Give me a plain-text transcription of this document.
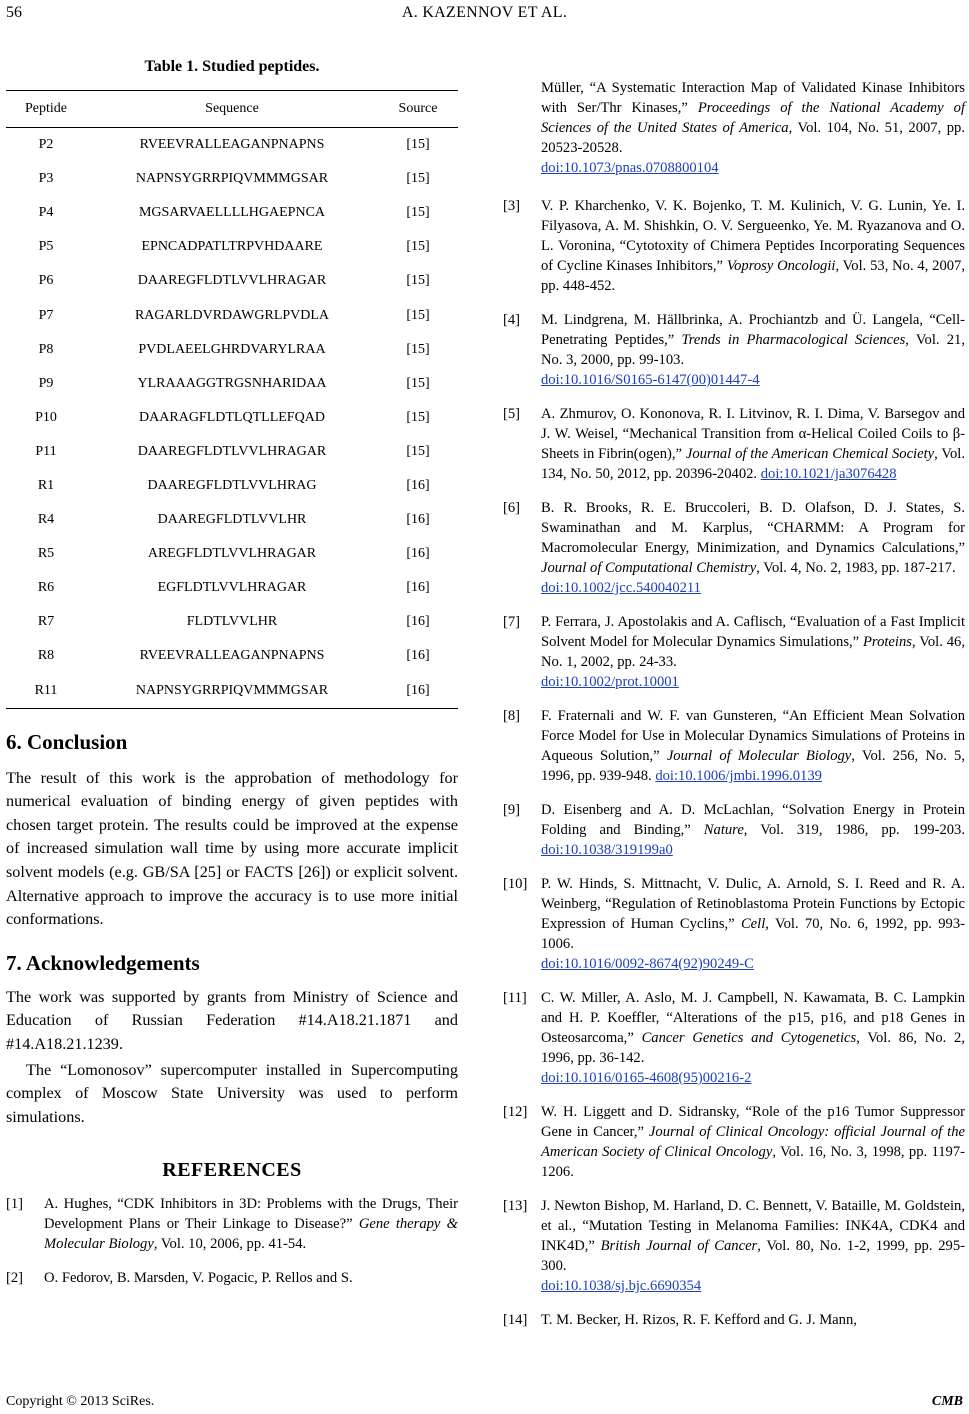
56	A. KAZENNOV ET AL.
Table 1. Studied peptides.
Peptide	Sequence	Source
P2	RVEEVRALLEAGANPNAPNS	[15]
P3	NAPNSYGRRPIQVMMMGSAR	[15]
P4	MGSARVAELLLLHGAEPNCA	[15]
P5	EPNCADPATLTRPVHDAARE	[15]
P6	DAAREGFLDTLVVLHRAGAR	[15]
P7	RAGARLDVRDAWGRLPVDLA	[15]
P8	PVDLAEELGHRDVARYLRAA	[15]
P9	YLRAAAGGTRGSNHARIDAA	[15]
P10	DAARAGFLDTLQTLLEFQAD	[15]
P11	DAAREGFLDTLVVLHRAGAR	[15]
R1	DAAREGFLDTLVVLHRAG	[16]
R4	DAAREGFLDTLVVLHR	[16]
R5	AREGFLDTLVVLHRAGAR	[16]
R6	EGFLDTLVVLHRAGAR	[16]
R7	FLDTLVVLHR	[16]
R8	RVEEVRALLEAGANPNAPNS	[16]
R11	NAPNSYGRRPIQVMMMGSAR	[16]
6. Conclusion

The result of this work is the approbation of methodology for numerical evaluation of binding energy of given peptides with chosen target protein. The results could be improved at the expense of increased simulation wall time by using more accurate implicit solvent models (e.g. GB/SA [25] or FACTS [26]) or explicit solvent. Alternative approach to improve the accuracy is to use more initial conformations.

7. Acknowledgements

The work was supported by grants from Ministry of Science and Education of Russian Federation #14.A18.21.1871 and #14.A18.21.1239.

The “Lomonosov” supercomputer installed in Supercomputing complex of Moscow State University was used to perform simulations.

REFERENCES
[1]	A. Hughes, “CDK Inhibitors in 3D: Problems with the Drugs, Their Development Plans or Their Linkage to Disease?” Gene therapy & Molecular Biology, Vol. 10, 2006, pp. 41-54.
[2]	O. Fedorov, B. Marsden, V. Pogacic, P. Rellos and S.
Müller, “A Systematic Interaction Map of Validated Kinase Inhibitors with Ser/Thr Kinases,” Proceedings of the National Academy of Sciences of the United States of America, Vol. 104, No. 51, 2007, pp. 20523-20528.
doi:10.1073/pnas.0708800104
[3]	V. P. Kharchenko, V. K. Bojenko, T. M. Kulinich, V. G. Lunin, Ye. I. Filyasova, A. M. Shishkin, O. V. Sergueenko, Ye. M. Ryazanova and O. L. Voronina, “Cytotoxity of Chimera Peptides Incorporating Sequences of Cycline Kinases Inhibitors,” Voprosy Oncologii, Vol. 53, No. 4, 2007, pp. 448-452.
[4]	M. Lindgrena, M. Hällbrinka, A. Prochiantzb and Ü. Langela, “Cell-Penetrating Peptides,” Trends in Pharmacological Sciences, Vol. 21, No. 3, 2000, pp. 99-103.
doi:10.1016/S0165-6147(00)01447-4
[5]	A. Zhmurov, O. Kononova, R. I. Litvinov, R. I. Dima, V. Barsegov and J. W. Weisel, “Mechanical Transition from α-Helical Coiled Coils to β-Sheets in Fibrin(ogen),” Journal of the American Chemical Society, Vol. 134, No. 50, 2012, pp. 20396-20402. doi:10.1021/ja3076428
[6]	B. R. Brooks, R. E. Bruccoleri, B. D. Olafson, D. J. States, S. Swaminathan and M. Karplus, “CHARMM: A Program for Macromolecular Energy, Minimization, and Dynamics Calculations,” Journal of Computational Chemistry, Vol. 4, No. 2, 1983, pp. 187-217.
doi:10.1002/jcc.540040211
[7]	P. Ferrara, J. Apostolakis and A. Caflisch, “Evaluation of a Fast Implicit Solvent Model for Molecular Dynamics Simulations,” Proteins, Vol. 46, No. 1, 2002, pp. 24-33.
doi:10.1002/prot.10001
[8]	F. Fraternali and W. F. van Gunsteren, “An Efficient Mean Solvation Force Model for Use in Molecular Dynamics Simulations of Proteins in Aqueous Solution,” Journal of Molecular Biology, Vol. 256, No. 5, 1996, pp. 939-948. doi:10.1006/jmbi.1996.0139
[9]	D. Eisenberg and A. D. McLachlan, “Solvation Energy in Protein Folding and Binding,” Nature, Vol. 319, 1986, pp. 199-203. doi:10.1038/319199a0
[10] P. W. Hinds, S. Mittnacht, V. Dulic, A. Arnold, S. I. Reed and R. A. Weinberg, “Regulation of Retinoblastoma Protein Functions by Ectopic Expression of Human Cyclins,” Cell, Vol. 70, No. 6, 1992, pp. 993-1006.
doi:10.1016/0092-8674(92)90249-C
[11] C. W. Miller, A. Aslo, M. J. Campbell, N. Kawamata, B. C. Lampkin and H. P. Koeffler, “Alterations of the p15, p16, and p18 Genes in Osteosarcoma,” Cancer Genetics and Cytogenetics, Vol. 86, No. 2, 1996, pp. 36-142.
doi:10.1016/0165-4608(95)00216-2
[12] W. H. Liggett and D. Sidransky, “Role of the p16 Tumor Suppressor Gene in Cancer,” Journal of Clinical Oncology: official Journal of the American Society of Clinical Oncology, Vol. 16, No. 3, 1998, pp. 1197-1206.
[13] J. Newton Bishop, M. Harland, D. C. Bennett, V. Bataille, M. Goldstein, et al., “Mutation Testing in Melanoma Families: INK4A, CDK4 and INK4D,” British Journal of Cancer, Vol. 80, No. 1-2, 1999, pp. 295-300.
doi:10.1038/sj.bjc.6690354
[14] T. M. Becker, H. Rizos, R. F. Kefford and G. J. Mann,
Copyright © 2013 SciRes.	CMB
